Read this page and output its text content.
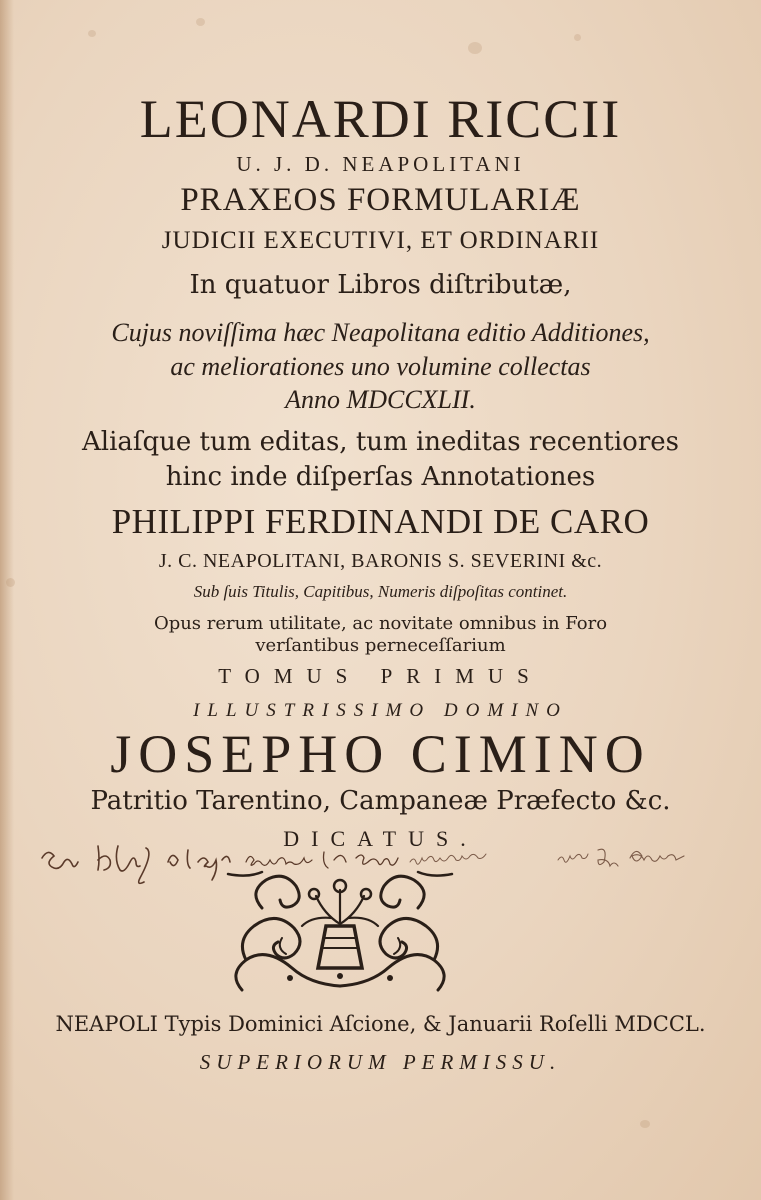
LEONARDI RICCII

U. J. D. NEAPOLITANI

PRAXEOS FORMULARIÆ

JUDICII EXECUTIVI, ET ORDINARII

In quatuor Libros diſtributæ,

Cujus noviſſima hæc Neapolitana editio Additiones,

ac meliorationes uno volumine collectas

Anno MDCCXLII.

Aliaſque tum editas, tum ineditas recentiores

hinc inde diſperſas Annotationes

PHILIPPI FERDINANDI DE CARO

J. C. NEAPOLITANI, BARONIS S. SEVERINI &c.

Sub ſuis Titulis, Capitibus, Numeris diſpoſitas continet.

Opus rerum utilitate, ac novitate omnibus in Foro

verſantibus perneceſſarium

TOMUS PRIMUS

ILLUSTRISSIMO DOMINO

JOSEPHO CIMINO

Patritio Tarentino, Campaneæ Præfecto &c.

DICATUS.

NEAPOLI Typis Dominici Aſcione, & Januarii Roſelli MDCCL.

SUPERIORUM PERMISSU.
